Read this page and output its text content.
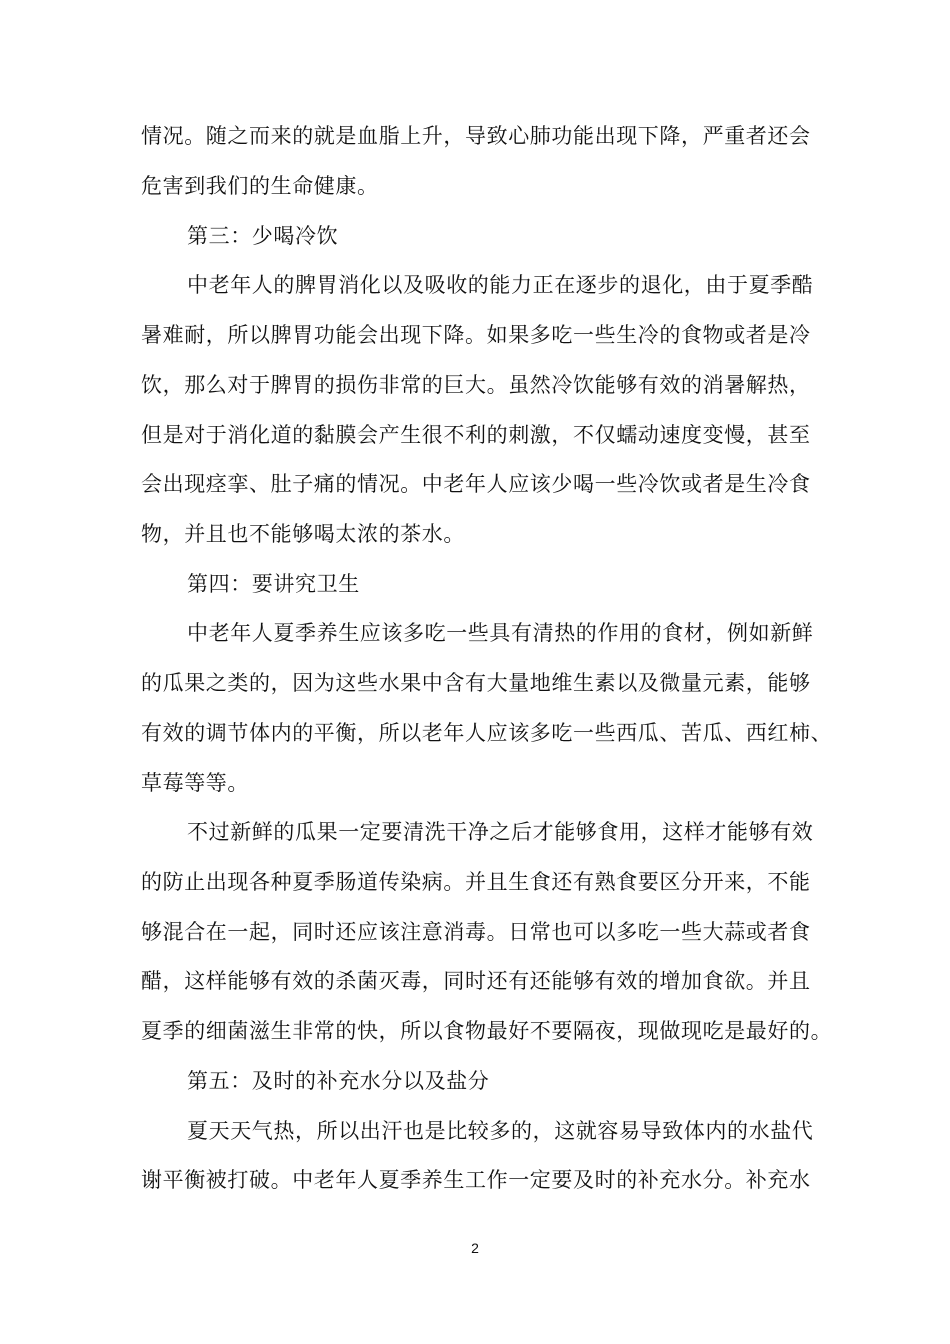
情况。随之而来的就是血脂上升，导致心肺功能出现下降，严重者还会
危害到我们的生命健康。
第三：少喝冷饮
中老年人的脾胃消化以及吸收的能力正在逐步的退化，由于夏季酷
暑难耐，所以脾胃功能会出现下降。如果多吃一些生冷的食物或者是冷
饮，那么对于脾胃的损伤非常的巨大。虽然冷饮能够有效的消暑解热，
但是对于消化道的黏膜会产生很不利的刺激，不仅蠕动速度变慢，甚至
会出现痉挛、肚子痛的情况。中老年人应该少喝一些冷饮或者是生冷食
物，并且也不能够喝太浓的茶水。
第四：要讲究卫生
中老年人夏季养生应该多吃一些具有清热的作用的食材，例如新鲜
的瓜果之类的，因为这些水果中含有大量地维生素以及微量元素，能够
有效的调节体内的平衡，所以老年人应该多吃一些西瓜、苦瓜、西红柿、
草莓等等。
不过新鲜的瓜果一定要清洗干净之后才能够食用，这样才能够有效
的防止出现各种夏季肠道传染病。并且生食还有熟食要区分开来，不能
够混合在一起，同时还应该注意消毒。日常也可以多吃一些大蒜或者食
醋，这样能够有效的杀菌灭毒，同时还有还能够有效的增加食欲。并且
夏季的细菌滋生非常的快，所以食物最好不要隔夜，现做现吃是最好的。
第五：及时的补充水分以及盐分
夏天天气热，所以出汗也是比较多的，这就容易导致体内的水盐代
谢平衡被打破。中老年人夏季养生工作一定要及时的补充水分。补充水
2
